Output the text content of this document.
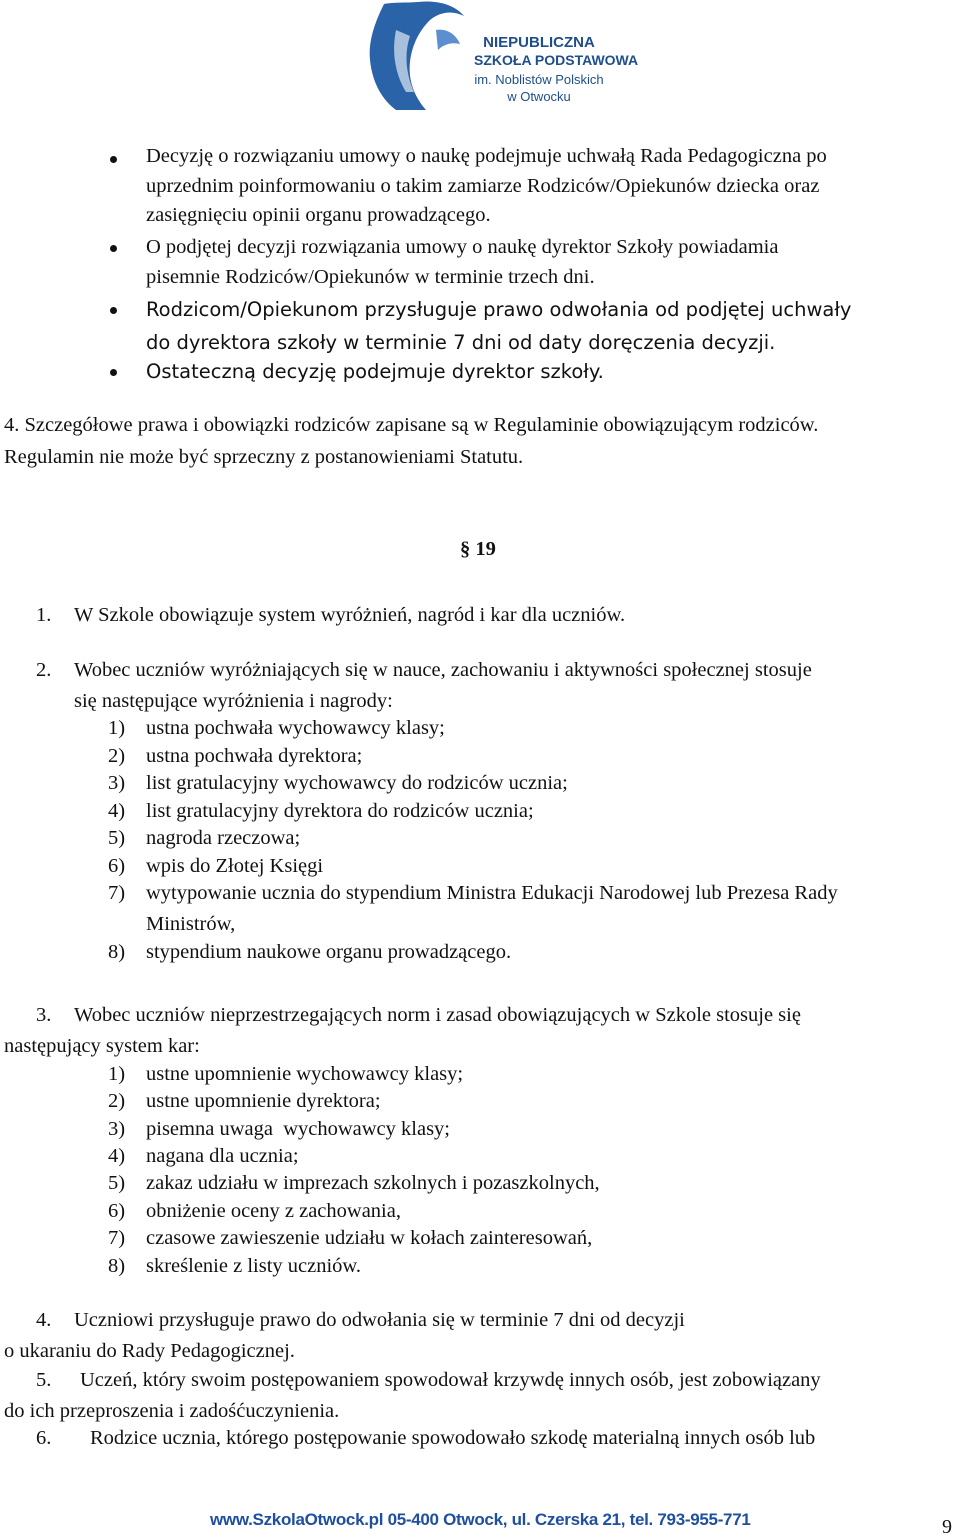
NIEPUBLICZNA
SZKOŁA PODSTAWOWA
im. Noblistów Polskich
w Otwocku
Decyzję o rozwiązaniu umowy o naukę podejmuje uchwałą Rada Pedagogiczna po
uprzednim poinformowaniu o takim zamiarze Rodziców/Opiekunów dziecka oraz
zasięgnięciu opinii organu prowadzącego.
O podjętej decyzji rozwiązania umowy o naukę dyrektor Szkoły powiadamia
pisemnie Rodziców/Opiekunów w terminie trzech dni.
Rodzicom/Opiekunom przysługuje prawo odwołania od podjętej uchwały
do dyrektora szkoły w terminie 7 dni od daty doręczenia decyzji.
Ostateczną decyzję podejmuje dyrektor szkoły.
4. Szczegółowe prawa i obowiązki rodziców zapisane są w Regulaminie obowiązującym rodziców.
Regulamin nie może być sprzeczny z postanowieniami Statutu.
§ 19
1. W Szkole obowiązuje system wyróżnień, nagród i kar dla uczniów.
2. Wobec uczniów wyróżniających się w nauce, zachowaniu i aktywności społecznej stosuje
się następujące wyróżnienia i nagrody:
1) ustna pochwała wychowawcy klasy;
2) ustna pochwała dyrektora;
3) list gratulacyjny wychowawcy do rodziców ucznia;
4) list gratulacyjny dyrektora do rodziców ucznia;
5) nagroda rzeczowa;
6) wpis do Złotej Księgi
7) wytypowanie ucznia do stypendium Ministra Edukacji Narodowej lub Prezesa Rady
Ministrów,
8) stypendium naukowe organu prowadzącego.
3. Wobec uczniów nieprzestrzegających norm i zasad obowiązujących w Szkole stosuje się
następujący system kar:
1) ustne upomnienie wychowawcy klasy;
2) ustne upomnienie dyrektora;
3) pisemna uwaga  wychowawcy klasy;
4) nagana dla ucznia;
5) zakaz udziału w imprezach szkolnych i pozaszkolnych,
6) obniżenie oceny z zachowania,
7) czasowe zawieszenie udziału w kołach zainteresowań,
8) skreślenie z listy uczniów.
4. Uczniowi przysługuje prawo do odwołania się w terminie 7 dni od decyzji
o ukaraniu do Rady Pedagogicznej.
5. Uczeń, który swoim postępowaniem spowodował krzywdę innych osób, jest zobowiązany
do ich przeproszenia i zadośćuczynienia.
6. Rodzice ucznia, którego postępowanie spowodowało szkodę materialną innych osób lub
www.SzkolaOtwock.pl 05-400 Otwock, ul. Czerska 21, tel. 793-955-771	9
